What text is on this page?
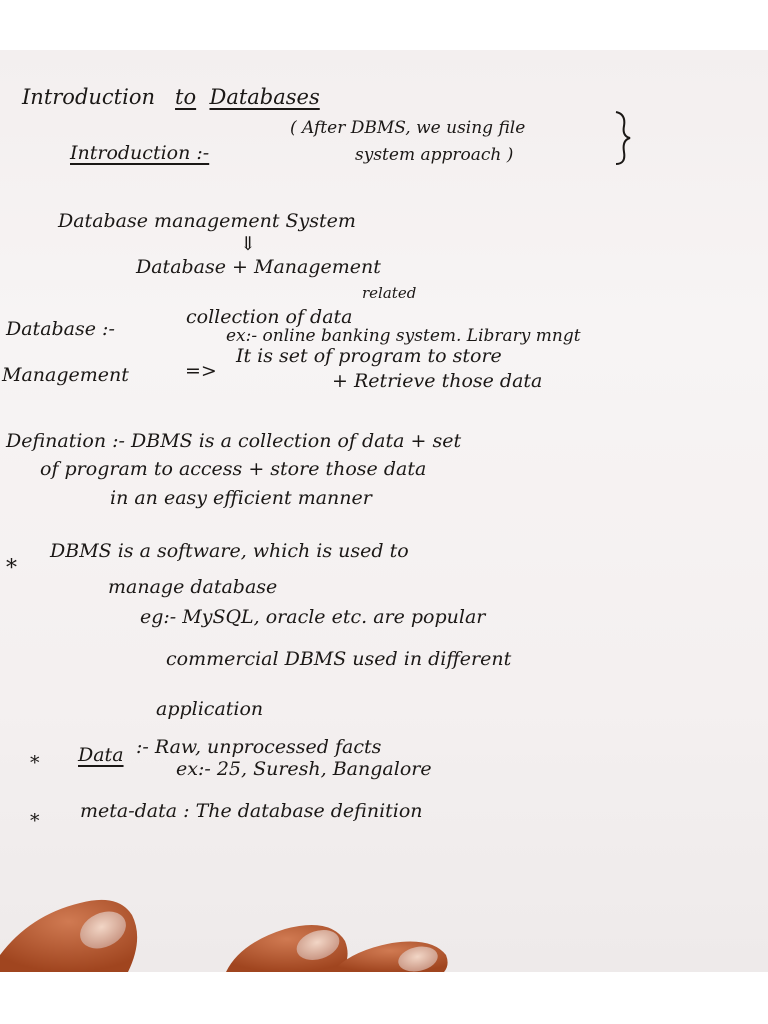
Introduction to Databases
Introduction :-
( After DBMS, we using file
system approach )
Database management System
⇓
Database + Management
related
Database :-
collection of data
ex:- online banking system. Library mngt
Management	=>
It is set of program to store
+ Retrieve those data
Defination :- DBMS is a collection of data + set
of program to access + store those data
in an easy efficient manner
*
DBMS is a software, which is used to
manage database
eg:- MySQL, oracle etc. are popular
commercial DBMS used in different
application
* Data :- Raw, unprocessed facts
ex:- 25, Suresh, Bangalore
* meta-data : The database definition
